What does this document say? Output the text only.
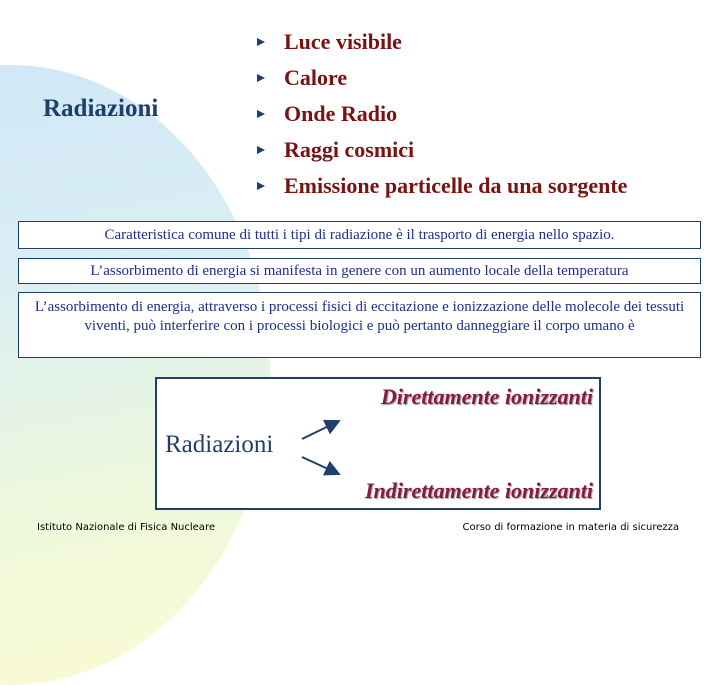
Radiazioni
Luce visibile
Calore
Onde Radio
Raggi cosmici
Emissione particelle da una sorgente
Caratteristica comune di tutti i tipi di radiazione è il trasporto di energia nello spazio.
L’assorbimento di energia si manifesta in genere con un aumento locale della temperatura
L’assorbimento di energia, attraverso i processi fisici di eccitazione e ionizzazione delle molecole dei tessuti viventi, può interferire con i processi biologici e può pertanto danneggiare il corpo umano è
Radiazioni
Direttamente ionizzanti
Indirettamente ionizzanti
Istituto Nazionale di Fisica Nucleare	Corso di formazione in materia di sicurezza
